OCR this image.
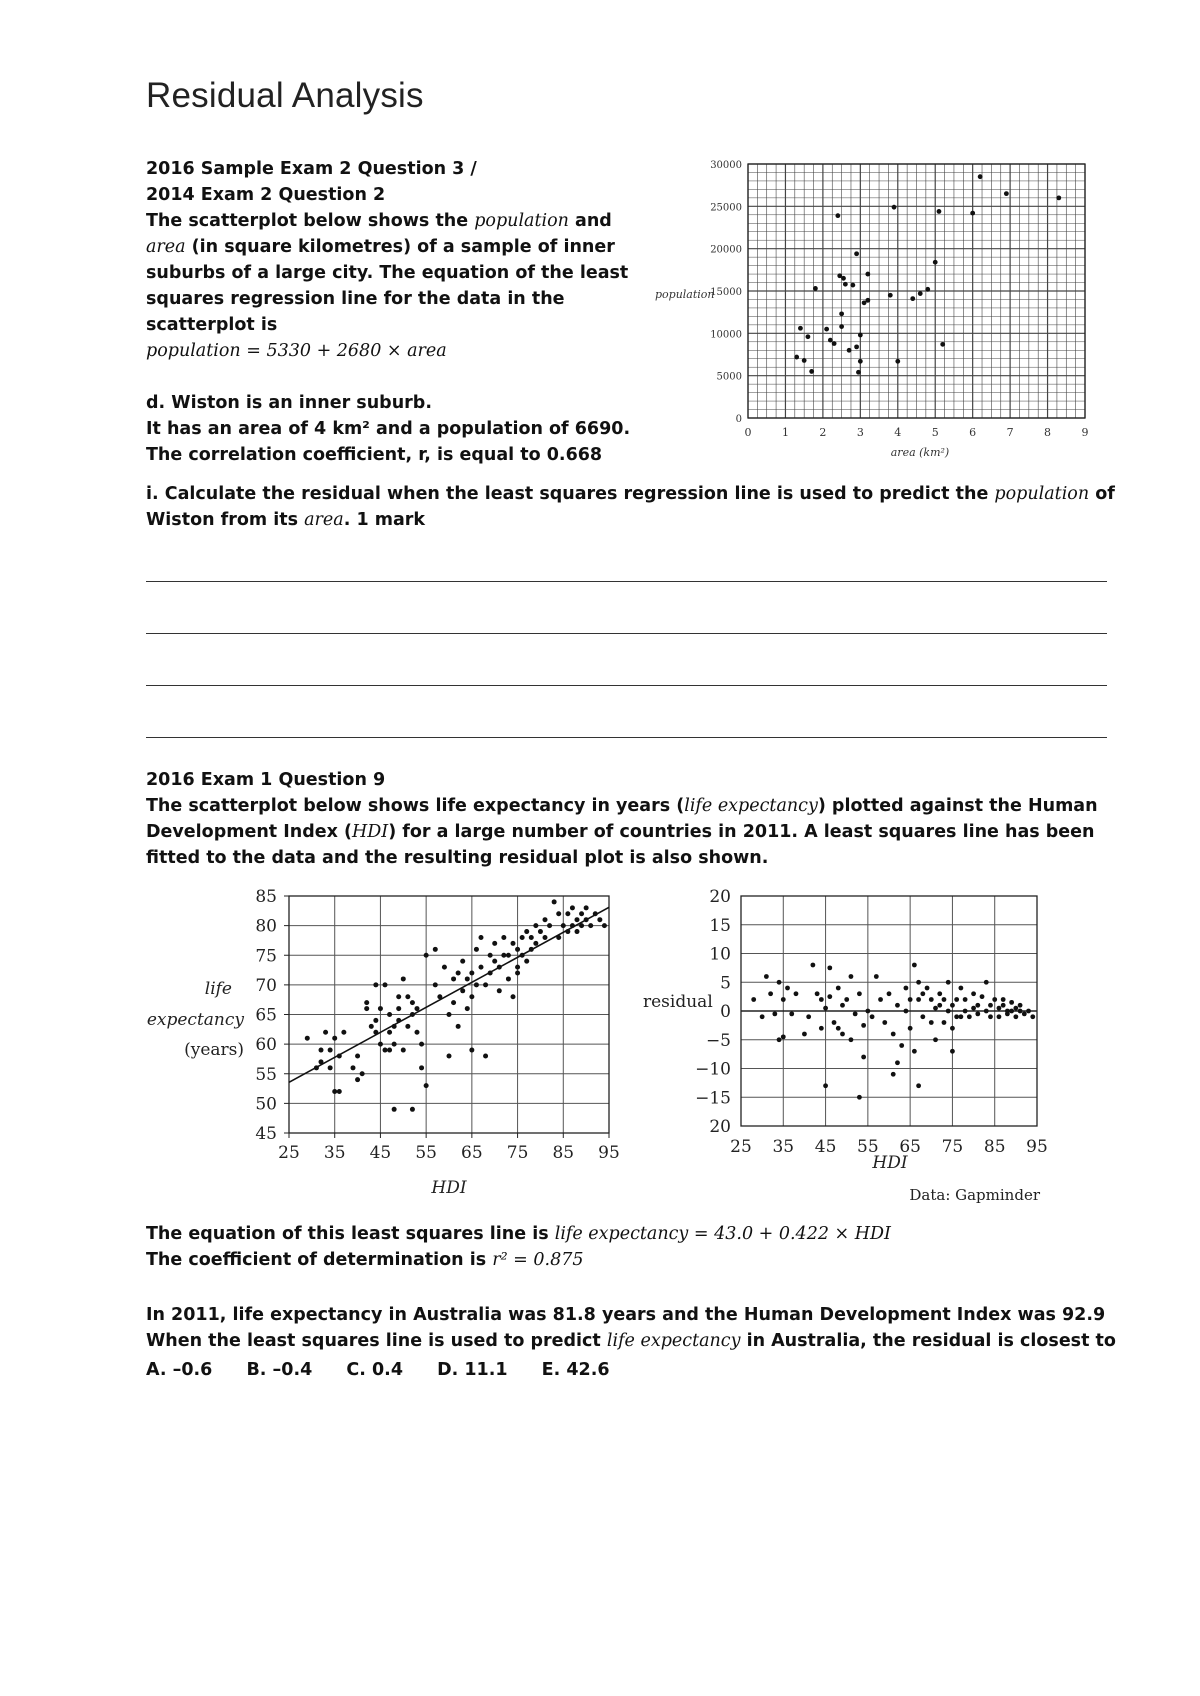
Residual Analysis
2016 Sample Exam 2 Question 3 /
2014 Exam 2 Question 2
The scatterplot below shows the population and
area (in square kilometres) of a sample of inner
suburbs of a large city. The equation of the least
squares regression line for the data in the
scatterplot is
population = 5330 + 2680 × area

d. Wiston is an inner suburb.
It has an area of 4 km² and a population of 6690.
The correlation coefficient, r, is equal to 0.668
i. Calculate the residual when the least squares regression line is used to predict the population of
Wiston from its area. 1 mark
0	1	2	3	4	5	6	7	8	9
0
5000
10000
15000
20000
25000
30000
population
area (km²)
2016 Exam 1 Question 9
The scatterplot below shows life expectancy in years (life expectancy) plotted against the Human
Development Index (HDI) for a large number of countries in 2011. A least squares line has been
fitted to the data and the resulting residual plot is also shown.
25 35 45 55 65 75 85 95
45
50
55
60
65
70
75
80
85
life
expectancy
(years)
HDI
25 35 45 55 65 75 85 95
20
15
10
5
0
−5
−10
−15
20
residual
HDI
Data: Gapminder
The equation of this least squares line is life expectancy = 43.0 + 0.422 × HDI
The coefficient of determination is r² = 0.875
In 2011, life expectancy in Australia was 81.8 years and the Human Development Index was 92.9
When the least squares line is used to predict life expectancy in Australia, the residual is closest to
A. –0.6 B. –0.4 C. 0.4 D. 11.1 E. 42.6
